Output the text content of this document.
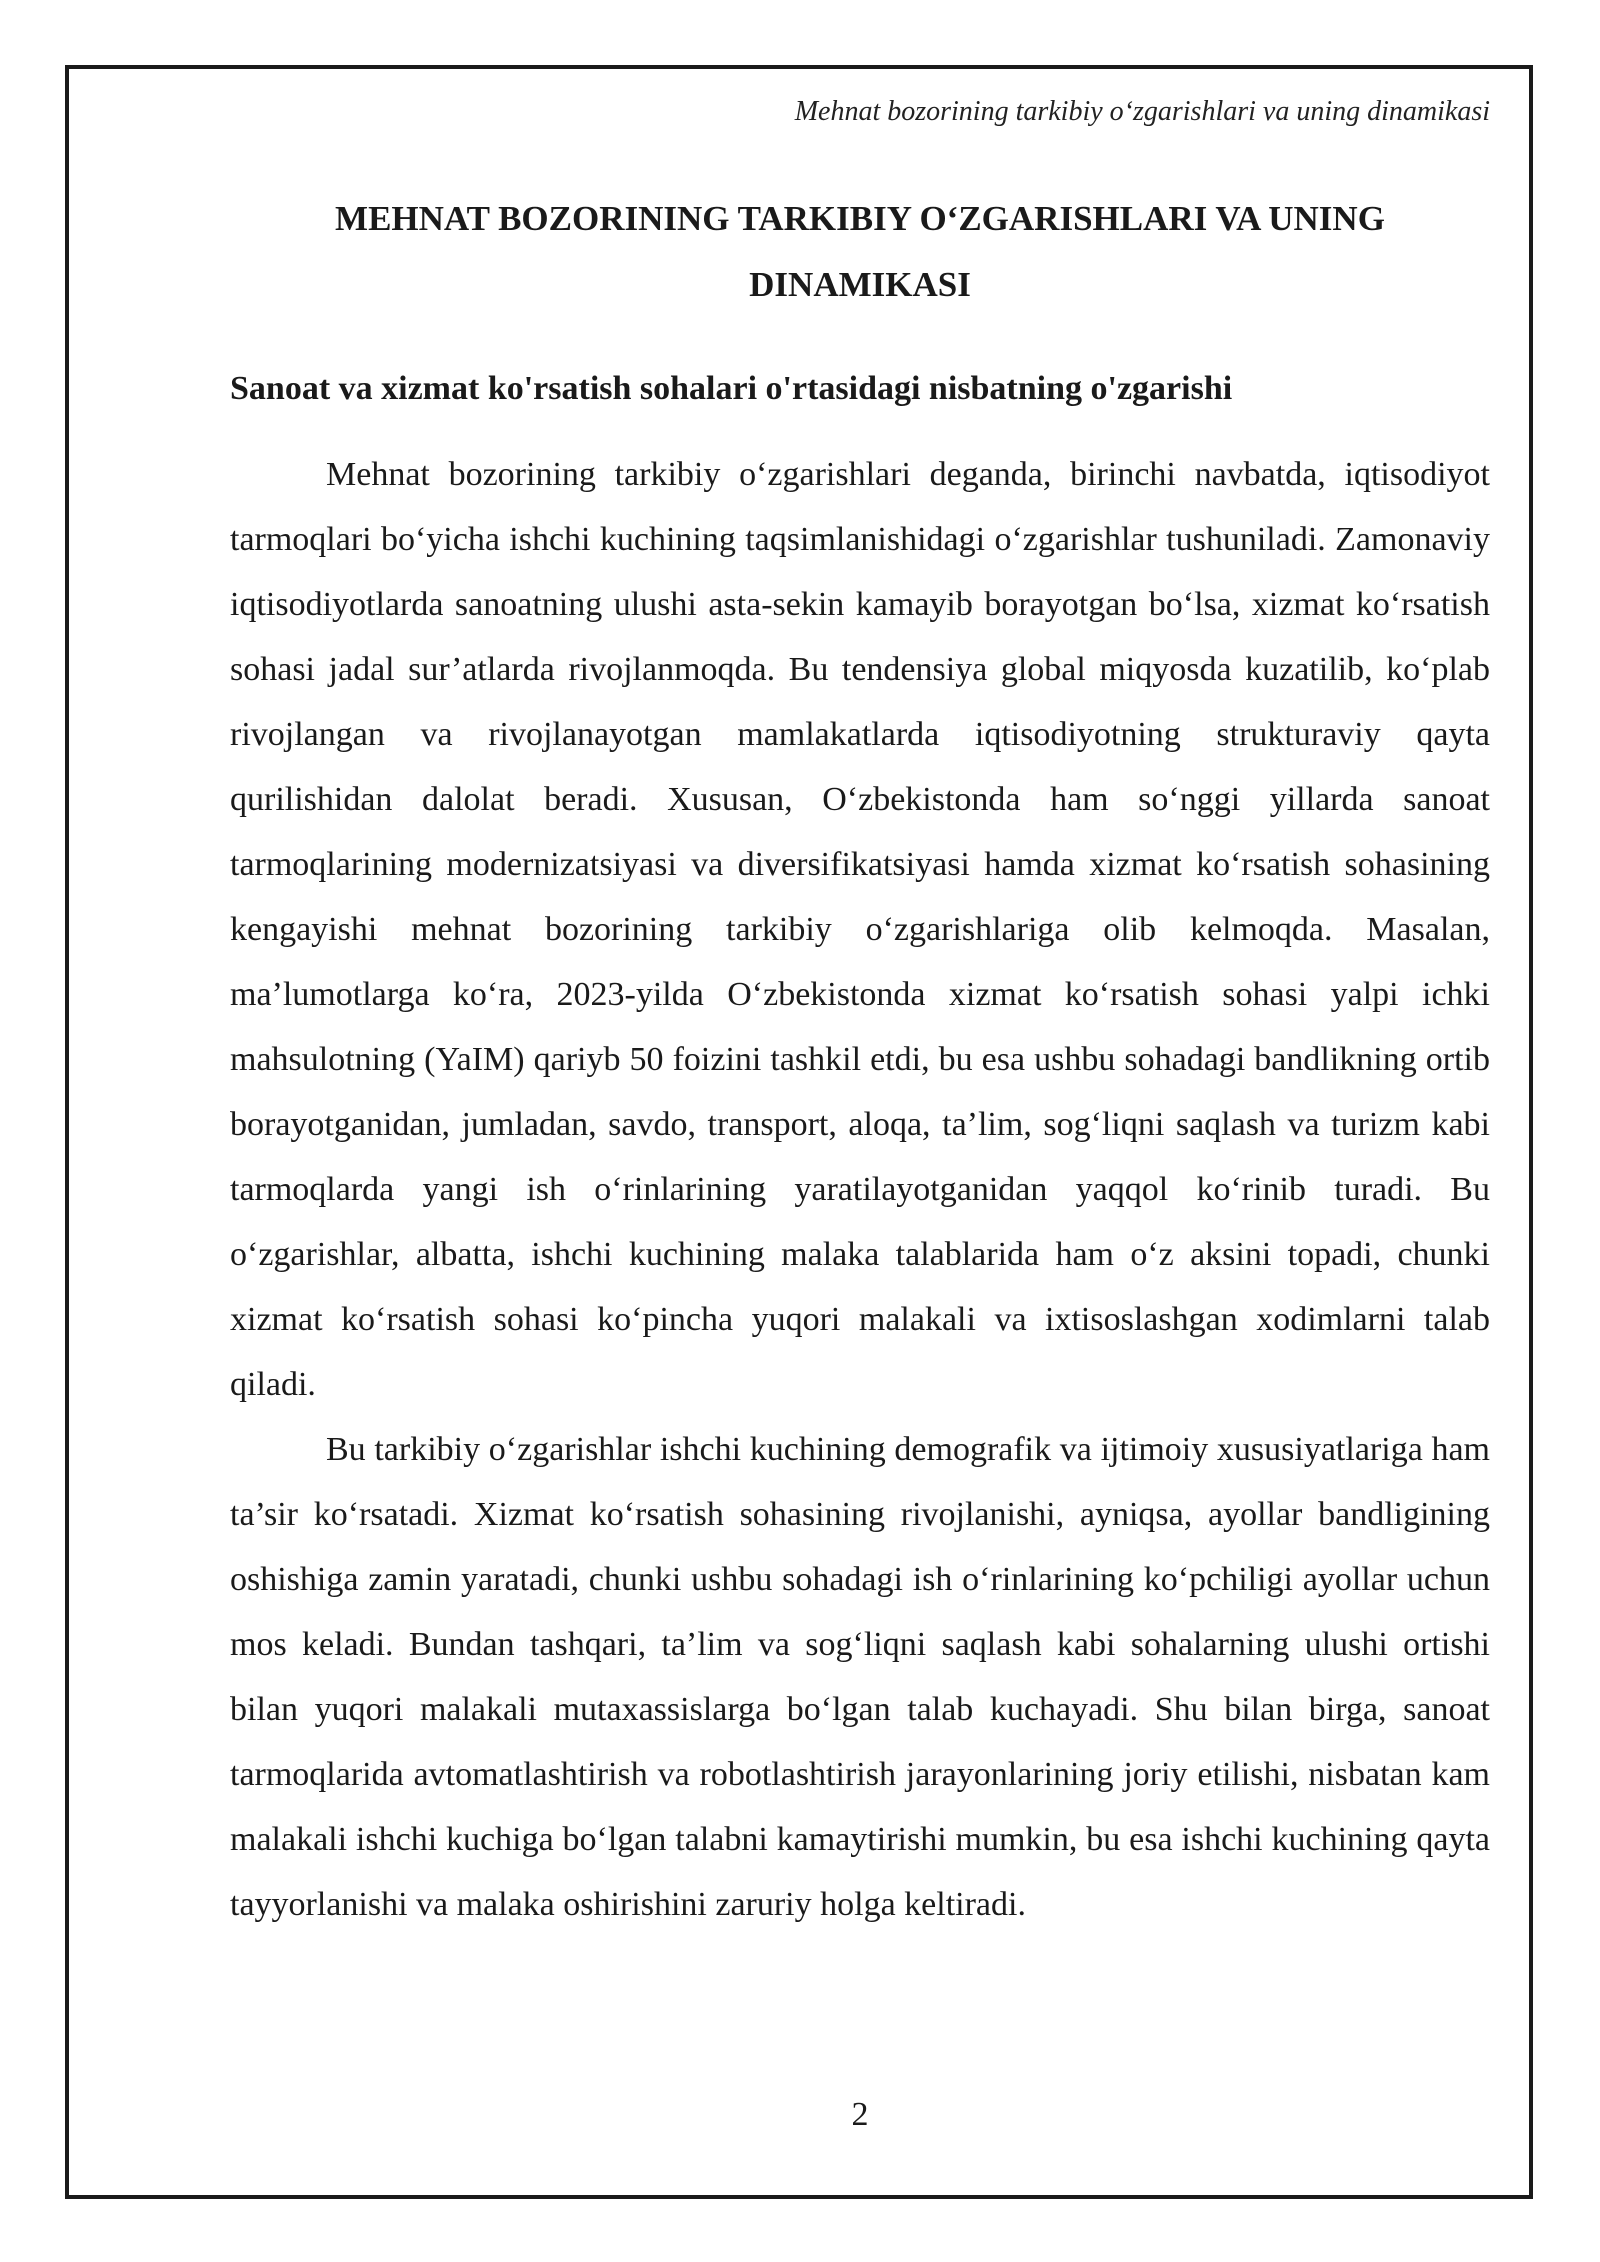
Mehnat bozorining tarkibiy o‘zgarishlari va uning dinamikasi
MEHNAT BOZORINING TARKIBIY O‘ZGARISHLARI VA UNING
DINAMIKASI
Sanoat va xizmat ko'rsatish sohalari o'rtasidagi nisbatning o'zgarishi

Mehnat bozorining tarkibiy o‘zgarishlari deganda, birinchi navbatda, iqtisodiyot tarmoqlari bo‘yicha ishchi kuchining taqsimlanishidagi o‘zgarishlar tushuniladi. Zamonaviy iqtisodiyotlarda sanoatning ulushi asta-sekin kamayib borayotgan bo‘lsa, xizmat ko‘rsatish sohasi jadal sur’atlarda rivojlanmoqda. Bu tendensiya global miqyosda kuzatilib, ko‘plab rivojlangan va rivojlanayotgan mamlakatlarda iqtisodiyotning strukturaviy qayta qurilishidan dalolat beradi. Xususan, O‘zbekistonda ham so‘nggi yillarda sanoat tarmoqlarining modernizatsiyasi va diversifikatsiyasi hamda xizmat ko‘rsatish sohasining kengayishi mehnat bozorining tarkibiy o‘zgarishlariga olib kelmoqda. Masalan, ma’lumotlarga ko‘ra, 2023-yilda O‘zbekistonda xizmat ko‘rsatish sohasi yalpi ichki mahsulotning (YaIM) qariyb 50 foizini tashkil etdi, bu esa ushbu sohadagi bandlikning ortib borayotganidan, jumladan, savdo, transport, aloqa, ta’lim, sog‘liqni saqlash va turizm kabi tarmoqlarda yangi ish o‘rinlarining yaratilayotganidan yaqqol ko‘rinib turadi. Bu o‘zgarishlar, albatta, ishchi kuchining malaka talablarida ham o‘z aksini topadi, chunki xizmat ko‘rsatish sohasi ko‘pincha yuqori malakali va ixtisoslashgan xodimlarni talab qiladi.

Bu tarkibiy o‘zgarishlar ishchi kuchining demografik va ijtimoiy xususiyatlariga ham ta’sir ko‘rsatadi. Xizmat ko‘rsatish sohasining rivojlanishi, ayniqsa, ayollar bandligining oshishiga zamin yaratadi, chunki ushbu sohadagi ish o‘rinlarining ko‘pchiligi ayollar uchun mos keladi. Bundan tashqari, ta’lim va sog‘liqni saqlash kabi sohalarning ulushi ortishi bilan yuqori malakali mutaxassislarga bo‘lgan talab kuchayadi. Shu bilan birga, sanoat tarmoqlarida avtomatlashtirish va robotlashtirish jarayonlarining joriy etilishi, nisbatan kam malakali ishchi kuchiga bo‘lgan talabni kamaytirishi mumkin, bu esa ishchi kuchining qayta tayyorlanishi va malaka oshirishini zaruriy holga keltiradi.

2
